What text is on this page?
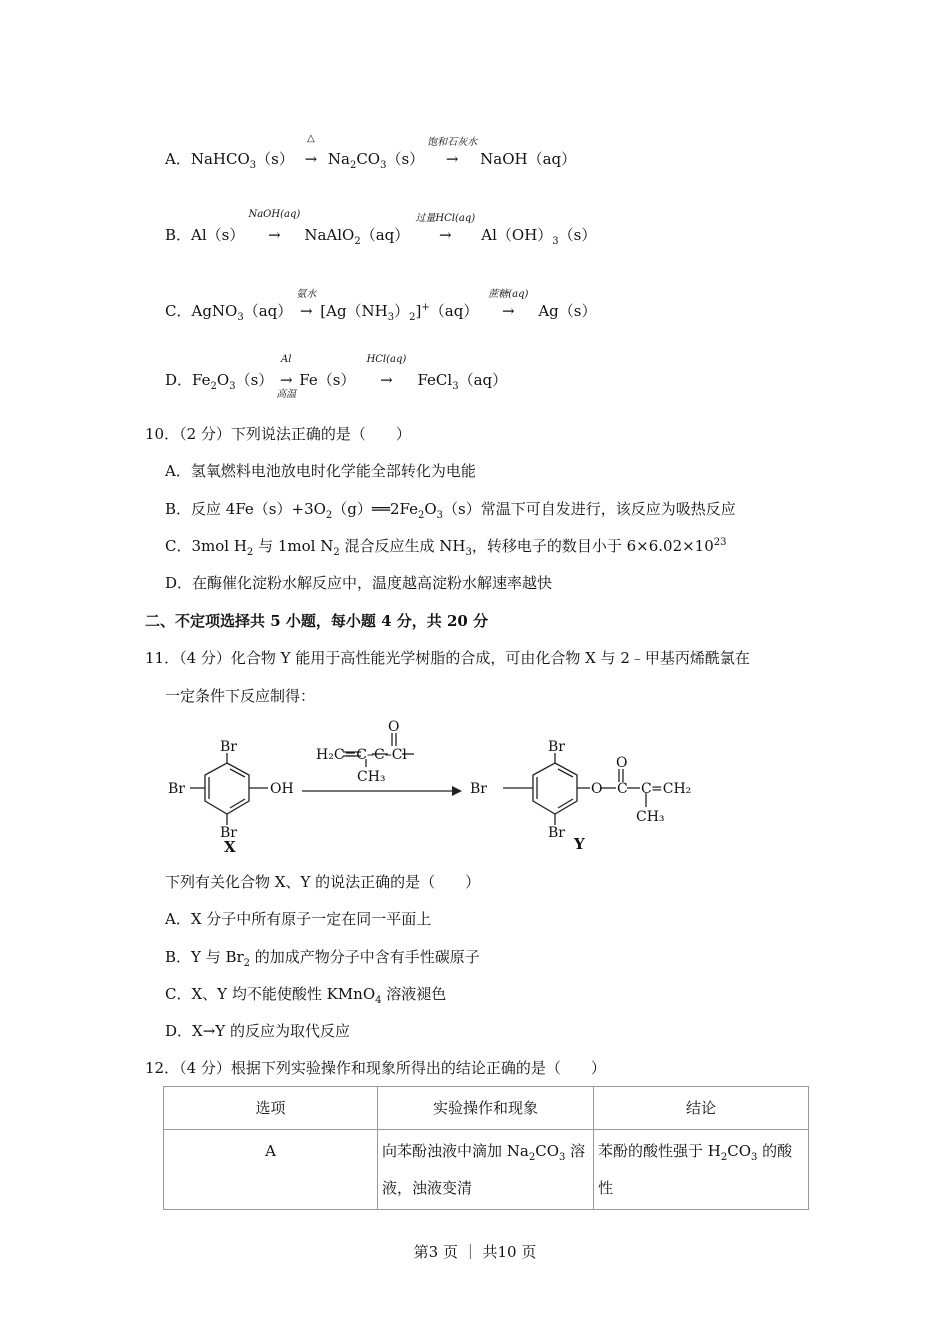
A．NaHCO$_3$（s）
△
→ $Na_2CO_3(s)$
饱和石灰水
→ NaOH（aq）
B．Al（s）
NaOH(aq)
→ NaAlO$_2$（aq）
过量HCl(aq)
→ $Al(OH)_3(s)$
C．AgNO$_3$（aq）
氨水
→ $[Ag(NH_3)_2]^+(aq)$
蔗糖(aq)
→ Ag（s）
D．$Fe_2O_3(s)$
Al
高温
→ Fe（s）
HCl(aq)
→ FeCl$_3$（aq）
10．（2 分）下列说法正确的是（　　）
A．氢氧燃料电池放电时化学能全部转化为电能
B．反应 $4Fe(s)+3O_2(g)══2Fe_2O_3(s)$常温下可自发进行，该反应为吸热反应
C．3mol $H_2$ 与 1mol $N_2$ 混合反应生成 $NH_3$，转移电子的数目小于 $6\times 6.02\times 10^{23}$
D．在酶催化淀粉水解反应中，温度越高淀粉水解速率越快
二、不定项选择共 5 小题，每小题 4 分，共 20 分
11．（4 分）化合物 Y 能用于高性能光学树脂的合成，可由化合物 X 与 2﹣甲基丙烯酰氯在
一定条件下反应制得：
Br
Br	OH
Br
X
H₂C=C–C–Cl
O
CH₃
Br
Br	O C C =CH₂
O
CH₃
Br
Y
下列有关化合物 X、Y 的说法正确的是（　　）
A．X 分子中所有原子一定在同一平面上
B．Y 与 $Br_2$ 的加成产物分子中含有手性碳原子
C．X、Y 均不能使酸性 KMnO$_4$ 溶液褪色
D．X→Y 的反应为取代反应
12．（4 分）根据下列实验操作和现象所得出的结论正确的是（　　）
选项	实验操作和现象	结论
A	向苯酚浊液中滴加 $Na_2CO_3$ 溶液，浊液变清	苯酚的酸性强于 $H_2CO_3$ 的酸性
第3 页 ｜ 共10 页
